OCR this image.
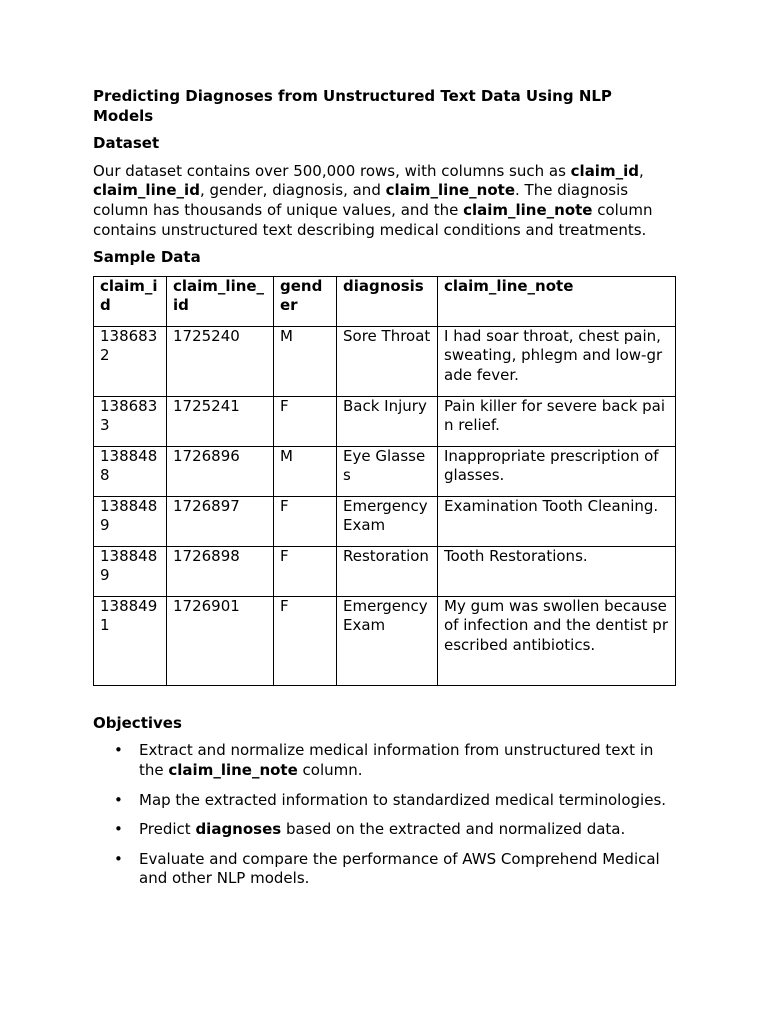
Predicting Diagnoses from Unstructured Text Data Using NLP Models
Dataset
Our dataset contains over 500,000 rows, with columns such as claim_id, claim_line_id, gender, diagnosis, and claim_line_note. The diagnosis column has thousands of unique values, and the claim_line_note column contains unstructured text describing medical conditions and treatments.
Sample Data
claim_id	claim_line_id	gender	diagnosis	claim_line_note
1386832	1725240	M	Sore Throat	I had soar throat, chest pain, sweating, phlegm and low-grade fever.
1386833	1725241	F	Back Injury	Pain killer for severe back pain relief.
1388488	1726896	M	Eye Glasses	Inappropriate prescription of glasses.
1388489	1726897	F	Emergency Exam	Examination Tooth Cleaning.
1388489	1726898	F	Restoration	Tooth Restorations.
1388491	1726901	F	Emergency Exam	My gum was swollen because of infection and the dentist prescribed antibiotics.
Objectives
• Extract and normalize medical information from unstructured text in the claim_line_note column.
• Map the extracted information to standardized medical terminologies.
• Predict diagnoses based on the extracted and normalized data.
• Evaluate and compare the performance of AWS Comprehend Medical and other NLP models.
